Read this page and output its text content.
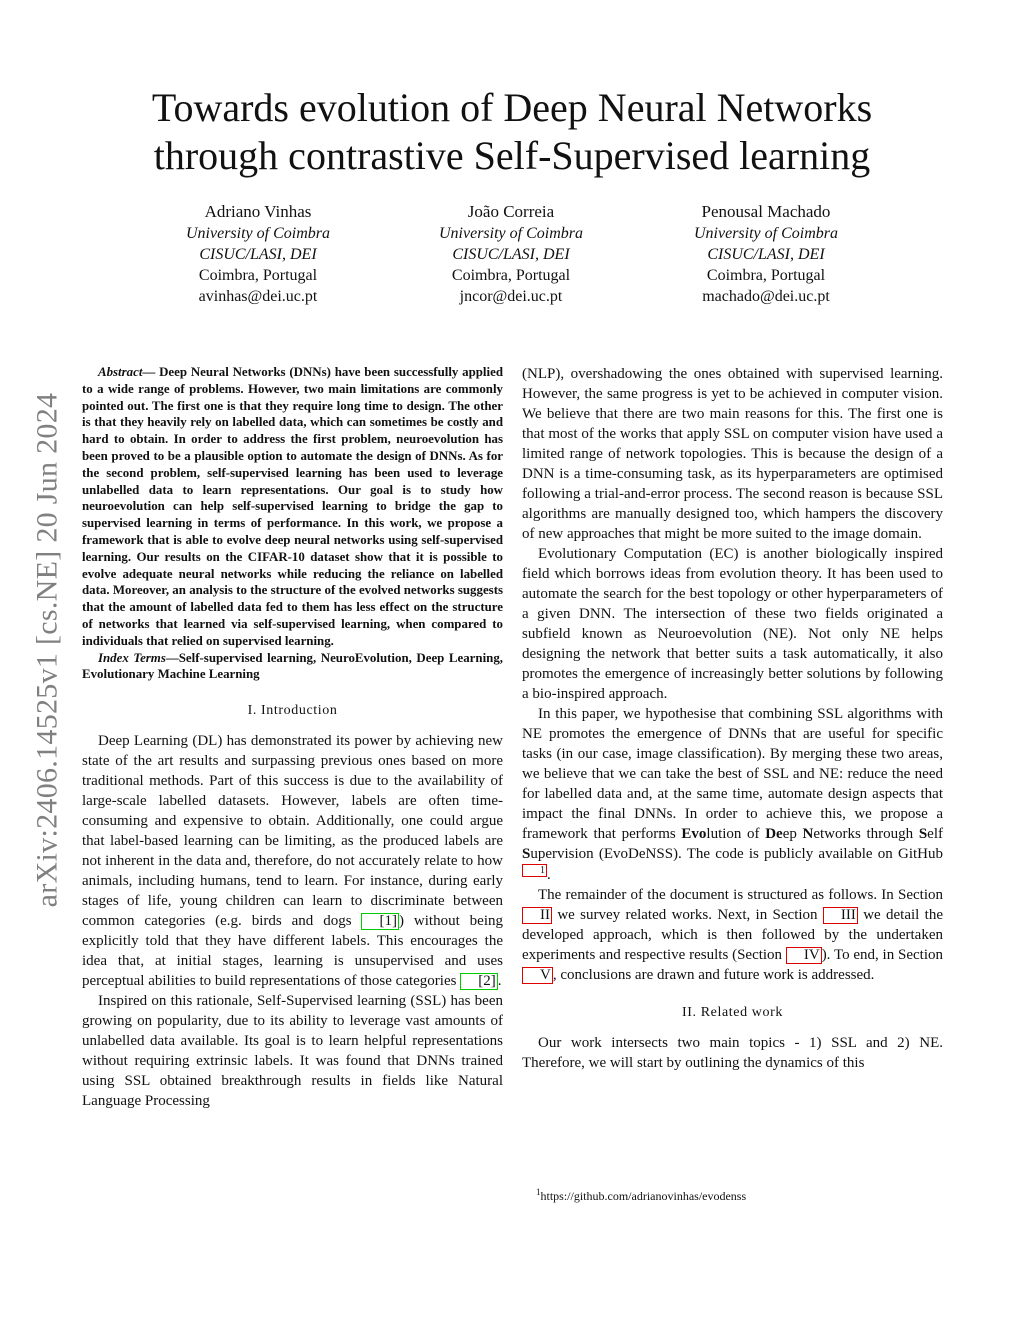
arXiv:2406.14525v1 [cs.NE] 20 Jun 2024
Towards evolution of Deep Neural Networks
through contrastive Self-Supervised learning
Adriano Vinhas
University of Coimbra
CISUC/LASI, DEI
Coimbra, Portugal
avinhas@dei.uc.pt
João Correia
University of Coimbra
CISUC/LASI, DEI
Coimbra, Portugal
jncor@dei.uc.pt
Penousal Machado
University of Coimbra
CISUC/LASI, DEI
Coimbra, Portugal
machado@dei.uc.pt

Abstract— Deep Neural Networks (DNNs) have been successfully applied to a wide range of problems. However, two main limitations are commonly pointed out. The first one is that they require long time to design. The other is that they heavily rely on labelled data, which can sometimes be costly and hard to obtain. In order to address the first problem, neuroevolution has been proved to be a plausible option to automate the design of DNNs. As for the second problem, self-supervised learning has been used to leverage unlabelled data to learn representations. Our goal is to study how neuroevolution can help self-supervised learning to bridge the gap to supervised learning in terms of performance. In this work, we propose a framework that is able to evolve deep neural networks using self-supervised learning. Our results on the CIFAR-10 dataset show that it is possible to evolve adequate neural networks while reducing the reliance on labelled data. Moreover, an analysis to the structure of the evolved networks suggests that the amount of labelled data fed to them has less effect on the structure of networks that learned via self-supervised learning, when compared to individuals that relied on supervised learning.

Index Terms—Self-supervised learning, NeuroEvolution, Deep Learning, Evolutionary Machine Learning

I. Introduction

Deep Learning (DL) has demonstrated its power by achieving new state of the art results and surpassing previous ones based on more traditional methods. Part of this success is due to the availability of large-scale labelled datasets. However, labels are often time-consuming and expensive to obtain. Additionally, one could argue that label-based learning can be limiting, as the produced labels are not inherent in the data and, therefore, do not accurately relate to how animals, including humans, tend to learn. For instance, during early stages of life, young children can learn to discriminate between common categories (e.g. birds and dogs [1] ) without being explicitly told that they have different labels. This encourages the idea that, at initial stages, learning is unsupervised and uses perceptual abilities to build representations of those categories [2] .

Inspired on this rationale, Self-Supervised learning (SSL) has been growing on popularity, due to its ability to leverage vast amounts of unlabelled data available. Its goal is to learn helpful representations without requiring extrinsic labels. It was found that DNNs trained using SSL obtained breakthrough results in fields like Natural Language Processing

(NLP), overshadowing the ones obtained with supervised learning. However, the same progress is yet to be achieved in computer vision. We believe that there are two main reasons for this. The first one is that most of the works that apply SSL on computer vision have used a limited range of network topologies. This is because the design of a DNN is a time-consuming task, as its hyperparameters are optimised following a trial-and-error process. The second reason is because SSL algorithms are manually designed too, which hampers the discovery of new approaches that might be more suited to the image domain.

Evolutionary Computation (EC) is another biologically inspired field which borrows ideas from evolution theory. It has been used to automate the search for the best topology or other hyperparameters of a given DNN. The intersection of these two fields originated a subfield known as Neuroevolution (NE). Not only NE helps designing the network that better suits a task automatically, it also promotes the emergence of increasingly better solutions by following a bio-inspired approach.

In this paper, we hypothesise that combining SSL algorithms with NE promotes the emergence of DNNs that are useful for specific tasks (in our case, image classification). By merging these two areas, we believe that we can take the best of SSL and NE: reduce the need for labelled data and, at the same time, automate design aspects that impact the final DNNs. In order to achieve this, we propose a framework that performs Evolution of Deep Networks through Self Supervision (EvoDeNSS). The code is publicly available on GitHub1 .

The remainder of the document is structured as follows. In Section II we survey related works. Next, in Section III we detail the developed approach, which is then followed by the undertaken experiments and respective results (Section IV ). To end, in Section V , conclusions are drawn and future work is addressed.

II. Related work

Our work intersects two main topics - 1) SSL and 2) NE. Therefore, we will start by outlining the dynamics of this

$^1$https://github.com/adrianovinhas/evodenss
